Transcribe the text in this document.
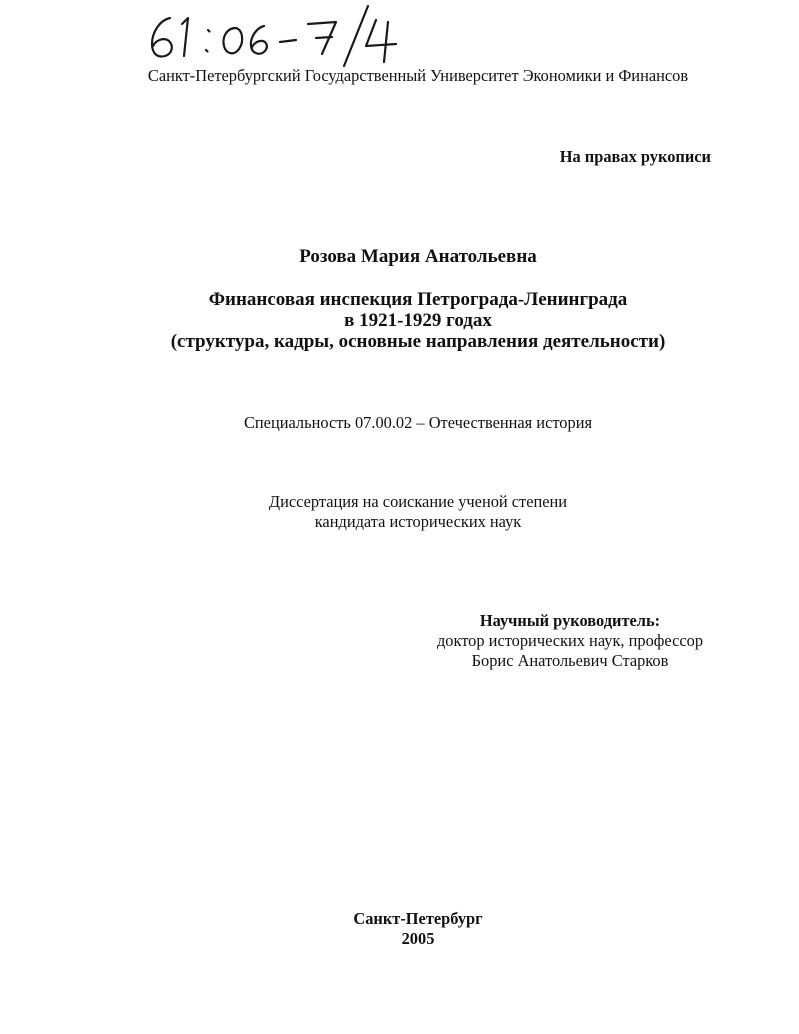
Санкт-Петербургский Государственный Университет Экономики и Финансов
На правах рукописи
Розова Мария Анатольевна
Финансовая инспекция Петрограда-Ленинграда
в 1921-1929 годах
(структура, кадры, основные направления деятельности)
Специальность 07.00.02 – Отечественная история
Диссертация на соискание ученой степени
кандидата исторических наук
Научный руководитель:
доктор исторических наук, профессор
Борис Анатольевич Старков
Санкт-Петербург
2005
